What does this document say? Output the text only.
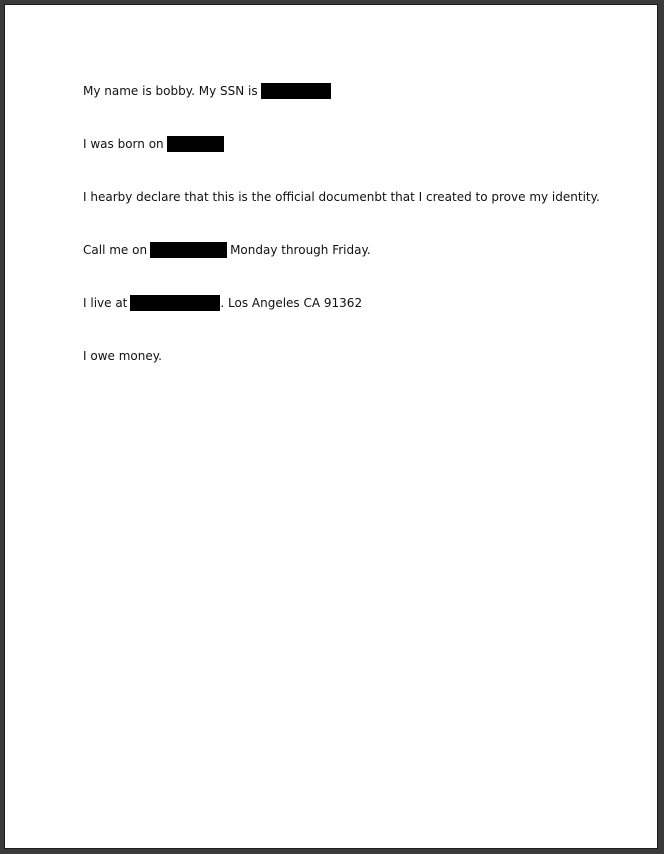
My name is bobby. My SSN is
I was born on
I hearby declare that this is the official documenbt that I created to prove my identity.
Call me on	Monday through Friday.
I live at	. Los Angeles CA 91362
I owe money.
